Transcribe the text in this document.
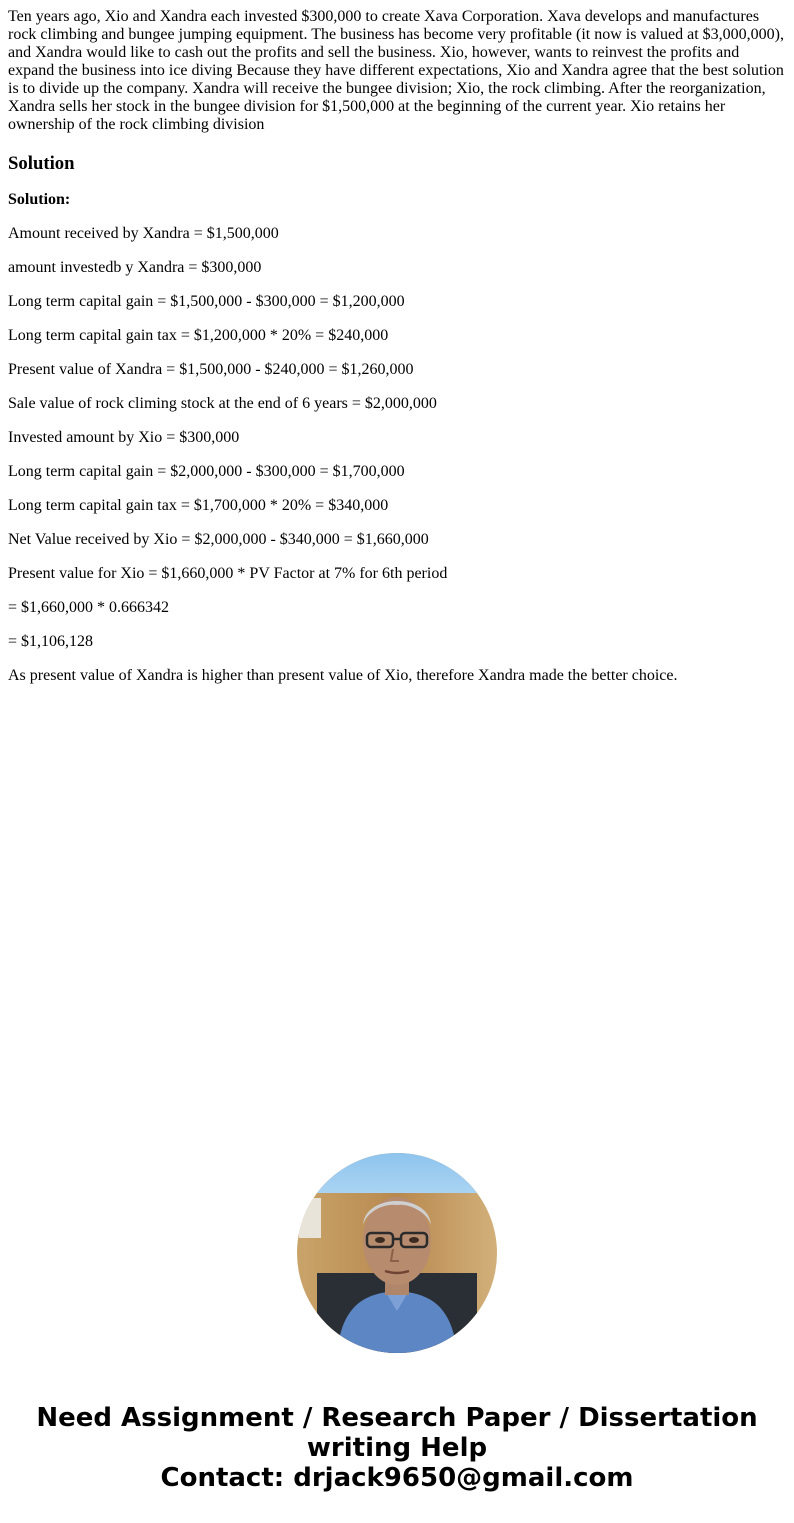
Ten years ago, Xio and Xandra each invested $300,000 to create Xava Corporation. Xava develops and manufactures rock climbing and bungee jumping equipment. The business has become very profitable (it now is valued at $3,000,000), and Xandra would like to cash out the profits and sell the business. Xio, however, wants to reinvest the profits and expand the business into ice diving Because they have different expectations, Xio and Xandra agree that the best solution is to divide up the company. Xandra will receive the bungee division; Xio, the rock climbing. After the reorganization, Xandra sells her stock in the bungee division for $1,500,000 at the beginning of the current year. Xio retains her ownership of the rock climbing division

Solution

Solution:

Amount received by Xandra = $1,500,000

amount investedb y Xandra = $300,000

Long term capital gain = $1,500,000 - $300,000 = $1,200,000

Long term capital gain tax = $1,200,000 * 20% = $240,000

Present value of Xandra = $1,500,000 - $240,000 = $1,260,000

Sale value of rock climing stock at the end of 6 years = $2,000,000

Invested amount by Xio = $300,000

Long term capital gain = $2,000,000 - $300,000 = $1,700,000

Long term capital gain tax = $1,700,000 * 20% = $340,000

Net Value received by Xio = $2,000,000 - $340,000 = $1,660,000

Present value for Xio = $1,660,000 * PV Factor at 7% for 6th period

= $1,660,000 * 0.666342

= $1,106,128

As present value of Xandra is higher than present value of Xio, therefore Xandra made the better choice.

Need Assignment / Research Paper / Dissertation
writing Help
Contact: drjack9650@gmail.com
